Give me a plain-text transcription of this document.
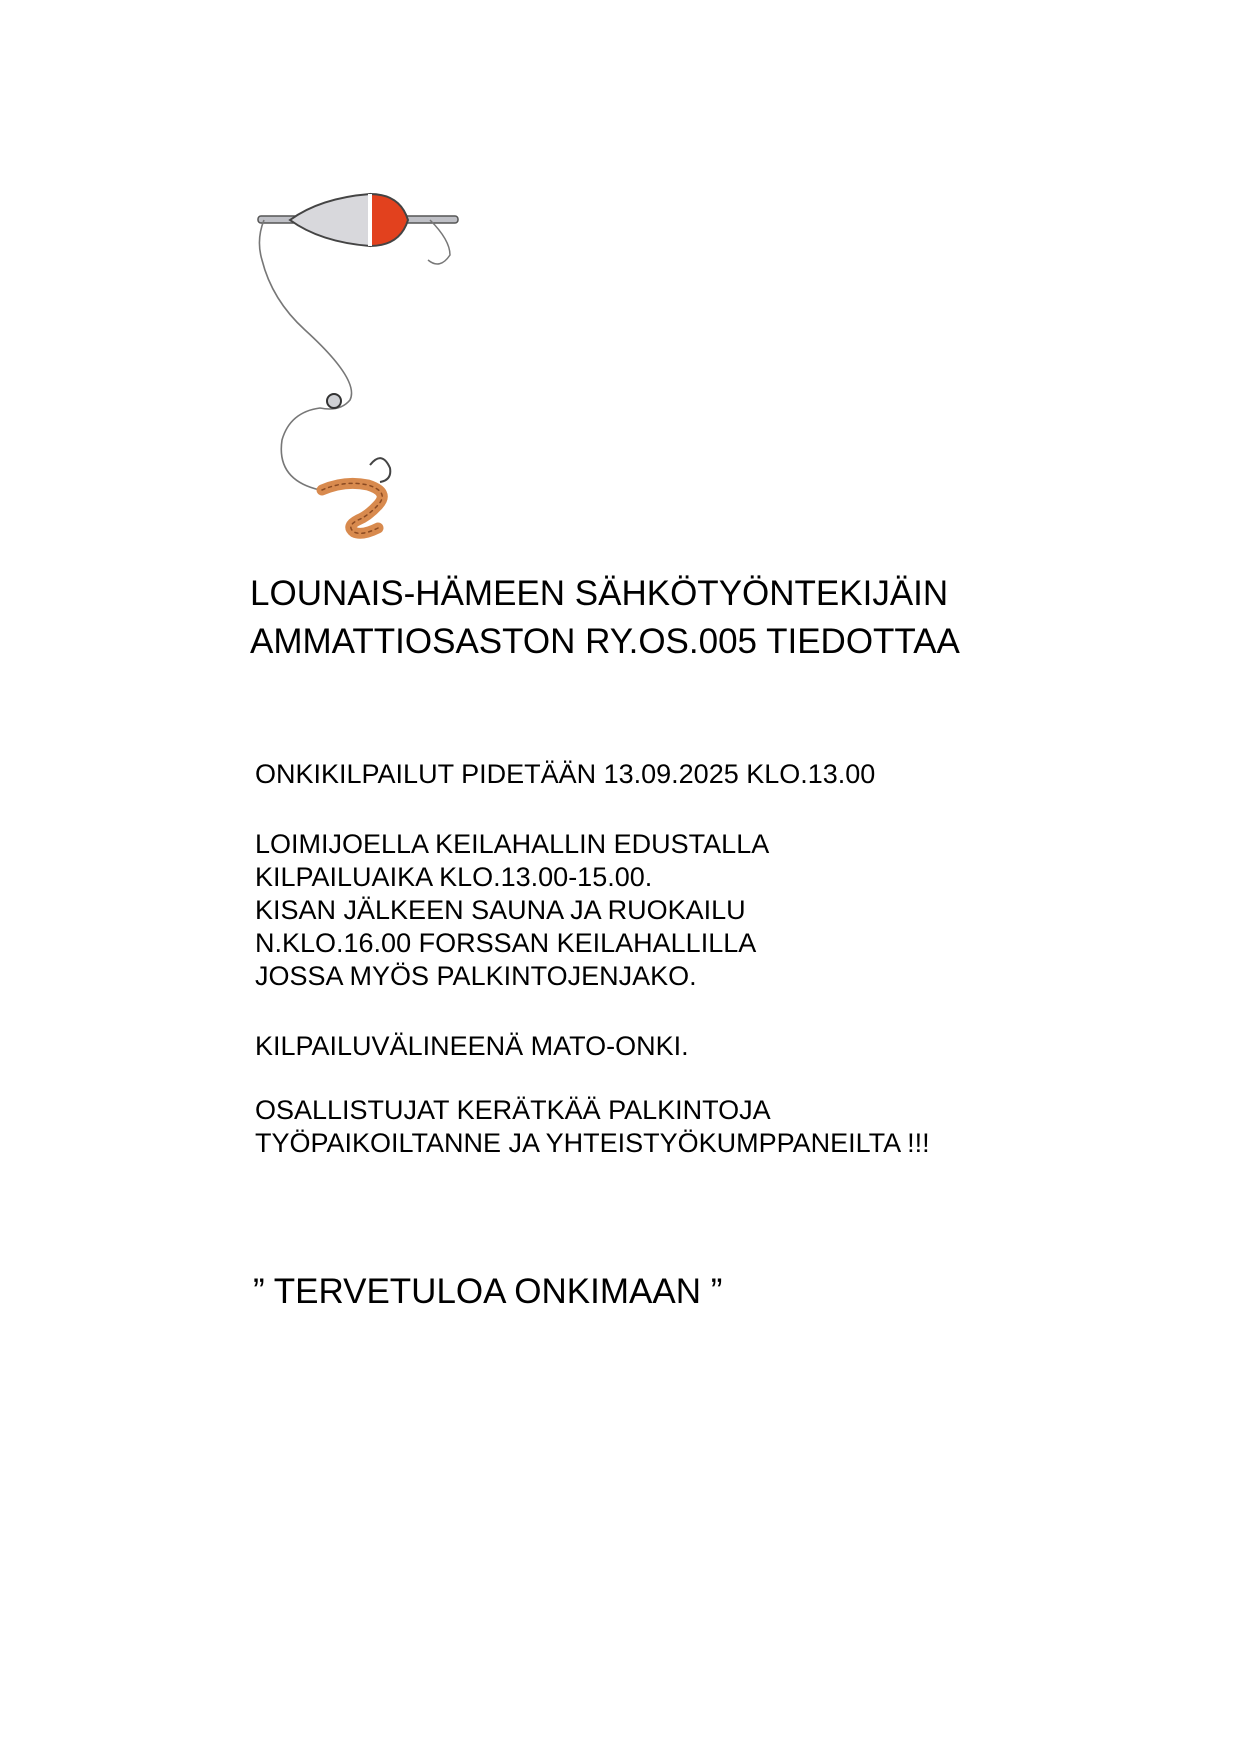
LOUNAIS-HÄMEEN SÄHKÖTYÖNTEKIJÄIN
AMMATTIOSASTON RY.OS.005 TIEDOTTAA
ONKIKILPAILUT PIDETÄÄN 13.09.2025 KLO.13.00
LOIMIJOELLA KEILAHALLIN EDUSTALLA
KILPAILUAIKA KLO.13.00-15.00.
KISAN JÄLKEEN SAUNA JA RUOKAILU
N.KLO.16.00 FORSSAN KEILAHALLILLA
JOSSA MYÖS PALKINTOJENJAKO.
KILPAILUVÄLINEENÄ MATO-ONKI.
OSALLISTUJAT KERÄTKÄÄ PALKINTOJA
TYÖPAIKOILTANNE JA YHTEISTYÖKUMPPANEILTA !!!
” TERVETULOA ONKIMAAN ”
